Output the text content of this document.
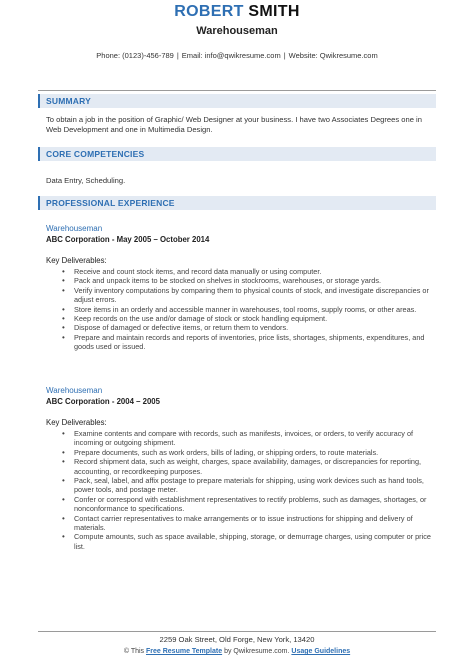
ROBERT SMITH
Warehouseman
Phone: (0123)-456-789 | Email: info@qwikresume.com | Website: Qwikresume.com
SUMMARY
To obtain a job in the position of Graphic/ Web Designer at your business. I have two Associates Degrees one in Web Development and one in Multimedia Design.
CORE COMPETENCIES
Data Entry, Scheduling.
PROFESSIONAL EXPERIENCE
Warehouseman
ABC Corporation - May 2005 – October 2014
Key Deliverables:
• Receive and count stock items, and record data manually or using computer.
• Pack and unpack items to be stocked on shelves in stockrooms, warehouses, or storage yards.
• Verify inventory computations by comparing them to physical counts of stock, and investigate discrepancies or adjust errors.
• Store items in an orderly and accessible manner in warehouses, tool rooms, supply rooms, or other areas.
• Keep records on the use and/or damage of stock or stock handling equipment.
• Dispose of damaged or defective items, or return them to vendors.
• Prepare and maintain records and reports of inventories, price lists, shortages, shipments, expenditures, and goods used or issued.
Warehouseman
ABC Corporation - 2004 – 2005
Key Deliverables:
• Examine contents and compare with records, such as manifests, invoices, or orders, to verify accuracy of incoming or outgoing shipment.
• Prepare documents, such as work orders, bills of lading, or shipping orders, to route materials.
• Record shipment data, such as weight, charges, space availability, damages, or discrepancies for reporting, accounting, or recordkeeping purposes.
• Pack, seal, label, and affix postage to prepare materials for shipping, using work devices such as hand tools, power tools, and postage meter.
• Confer or correspond with establishment representatives to rectify problems, such as damages, shortages, or nonconformance to specifications.
• Contact carrier representatives to make arrangements or to issue instructions for shipping and delivery of materials.
• Compute amounts, such as space available, shipping, storage, or demurrage charges, using computer or price list.
2259 Oak Street, Old Forge, New York, 13420
© This Free Resume Template by Qwikresume.com. Usage Guidelines
